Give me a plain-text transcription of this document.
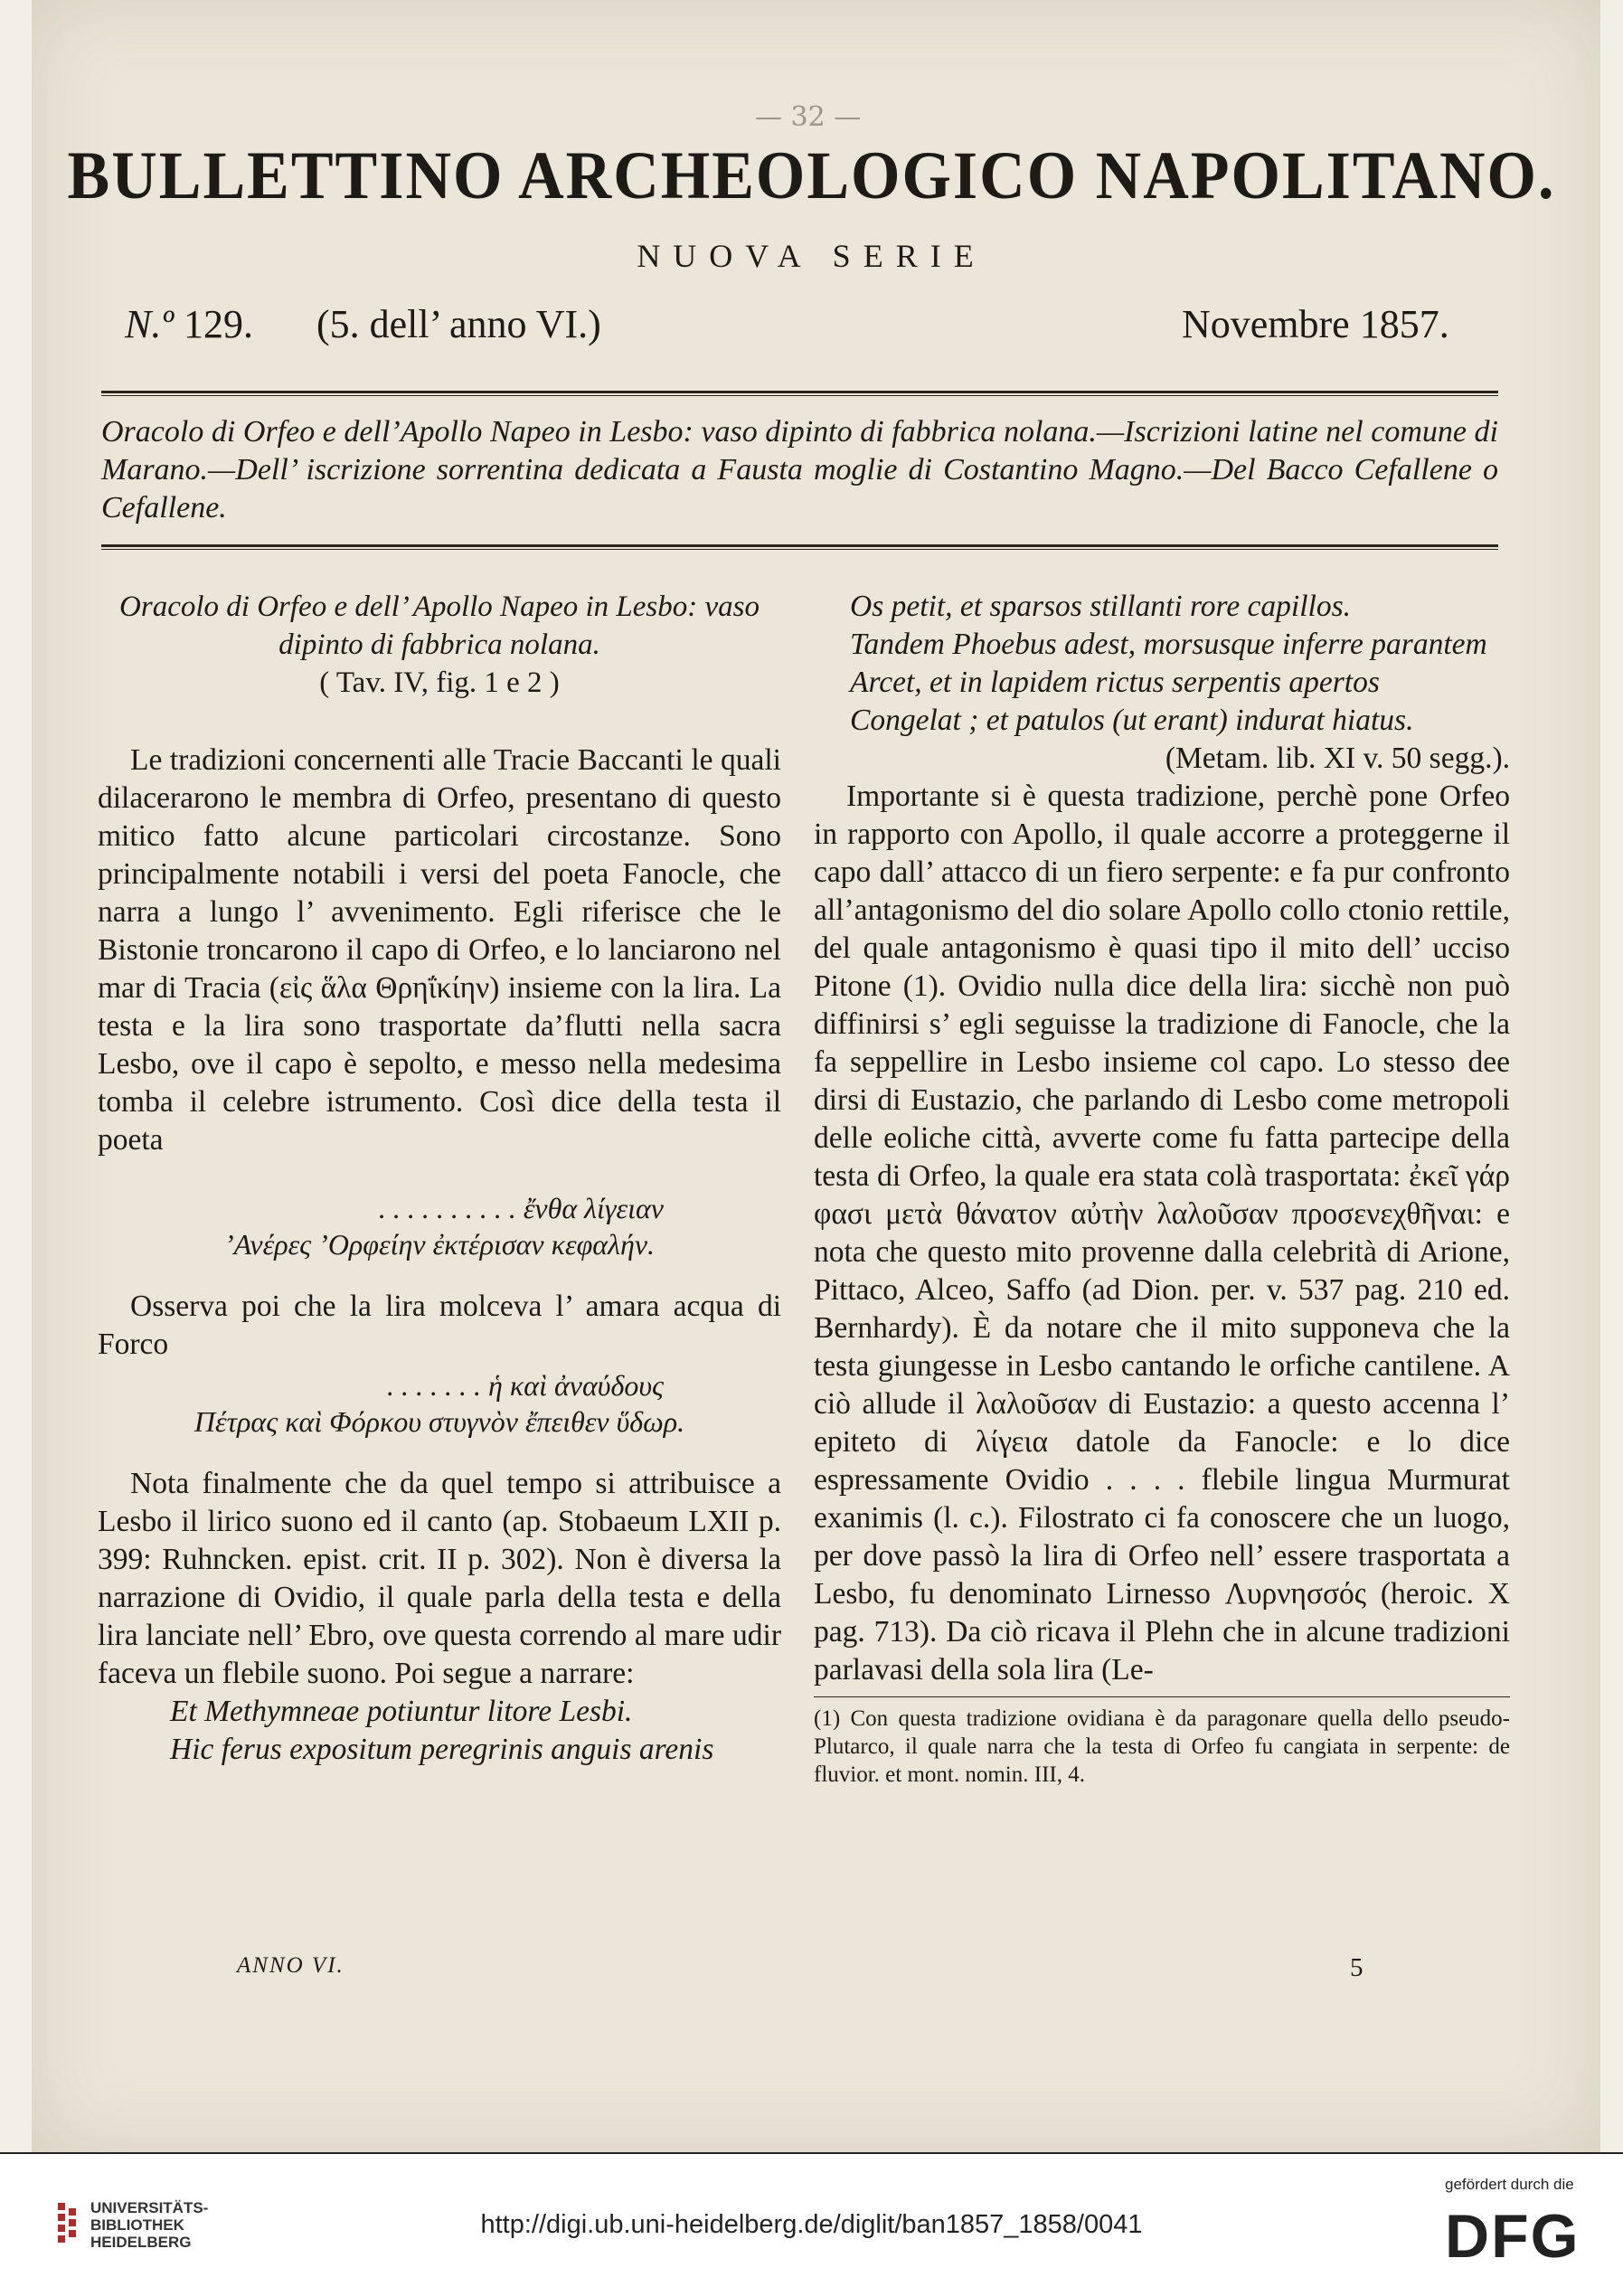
— 32 —
BULLETTINO ARCHEOLOGICO NAPOLITANO.
NUOVA SERIE
N.º 129. (5. dell’ anno VI.)	Novembre 1857.
Oracolo di Orfeo e dell’Apollo Napeo in Lesbo: vaso dipinto di fabbrica nolana.—Iscrizioni latine nel comune di Marano.—Dell’ iscrizione sorrentina dedicata a Fausta moglie di Costantino Magno.—Del Bacco Cefallene o Cefallene.
Oracolo di Orfeo e dell’ Apollo Napeo in Lesbo: vaso
dipinto di fabbrica nolana.
( Tav. IV, fig. 1 e 2 )

Le tradizioni concernenti alle Tracie Baccanti le quali dilacerarono le membra di Orfeo, presentano di questo mitico fatto alcune particolari circostanze. Sono principalmente notabili i versi del poeta Fanocle, che narra a lungo l’ avvenimento. Egli riferisce che le Bistonie troncarono il capo di Orfeo, e lo lanciarono nel mar di Tracia (εἰς ἅλα Θρηΐκίην) insieme con la lira. La testa e la lira sono trasportate da’flutti nella sacra Lesbo, ove il capo è sepolto, e messo nella medesima tomba il celebre istrumento. Così dice della testa il poeta

. . . . . . . . . . ἔνθα λίγειαν

’Ανέρες ’Ορφείην ἐκτέρισαν κεφαλήν.

Osserva poi che la lira molceva l’ amara acqua di Forco

. . . . . . . ἡ καὶ ἀναύδους

Πέτρας καὶ Φόρκου στυγνὸν ἔπειθεν ὕδωρ.

Nota finalmente che da quel tempo si attribuisce a Lesbo il lirico suono ed il canto (ap. Stobaeum LXII p. 399: Ruhncken. epist. crit. II p. 302). Non è diversa la narrazione di Ovidio, il quale parla della testa e della lira lanciate nell’ Ebro, ove questa correndo al mare udir faceva un flebile suono. Poi segue a narrare:

Et Methymneae potiuntur litore Lesbi.

Hic ferus expositum peregrinis anguis arenis

Os petit, et sparsos stillanti rore capillos.

Tandem Phoebus adest, morsusque inferre parantem

Arcet, et in lapidem rictus serpentis apertos

Congelat ; et patulos (ut erant) indurat hiatus.

(Metam. lib. XI v. 50 segg.).

Importante si è questa tradizione, perchè pone Orfeo in rapporto con Apollo, il quale accorre a proteggerne il capo dall’ attacco di un fiero serpente: e fa pur confronto all’antagonismo del dio solare Apollo collo ctonio rettile, del quale antagonismo è quasi tipo il mito dell’ ucciso Pitone (1). Ovidio nulla dice della lira: sicchè non può diffinirsi s’ egli seguisse la tradizione di Fanocle, che la fa seppellire in Lesbo insieme col capo. Lo stesso dee dirsi di Eustazio, che parlando di Lesbo come metropoli delle eoliche città, avverte come fu fatta partecipe della testa di Orfeo, la quale era stata colà trasportata: ἐκεῖ γάρ φασι μετὰ θάνατον αὐτὴν λαλοῦσαν προσενεχθῆναι: e nota che questo mito provenne dalla celebrità di Arione, Pittaco, Alceo, Saffo (ad Dion. per. v. 537 pag. 210 ed. Bernhardy). È da notare che il mito supponeva che la testa giungesse in Lesbo cantando le orfiche cantilene. A ciò allude il λαλοῦσαν di Eustazio: a questo accenna l’ epiteto di λίγεια datole da Fanocle: e lo dice espressamente Ovidio . . . . flebile lingua Murmurat exanimis (l. c.). Filostrato ci fa conoscere che un luogo, per dove passò la lira di Orfeo nell’ essere trasportata a Lesbo, fu denominato Lirnesso Λυρνησσός (heroic. X pag. 713). Da ciò ricava il Plehn che in alcune tradizioni parlavasi della sola lira (Le-

(1) Con questa tradizione ovidiana è da paragonare quella dello pseudo-Plutarco, il quale narra che la testa di Orfeo fu cangiata in serpente: de fluvior. et mont. nomin. III, 4.
ANNO VI.	5
UNIVERSITÄTS-
BIBLIOTHEK
HEIDELBERG
http://digi.ub.uni-heidelberg.de/diglit/ban1857_1858/0041
gefördert durch die
DFG
